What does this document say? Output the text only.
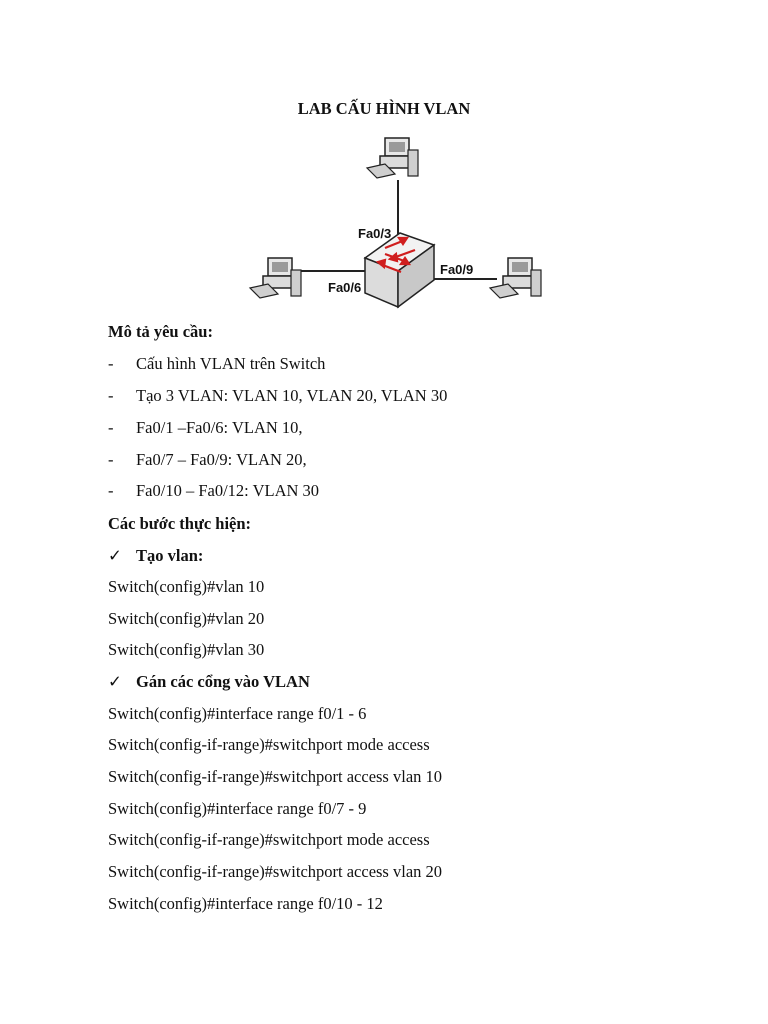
LAB CẤU HÌNH VLAN
Fa0/3
Fa0/6
Fa0/9
Mô tả yêu cầu:
- Cấu hình VLAN trên Switch
- Tạo 3 VLAN: VLAN 10, VLAN 20, VLAN 30
- Fa0/1 –Fa0/6: VLAN 10,
- Fa0/7 – Fa0/9: VLAN 20,
- Fa0/10 – Fa0/12: VLAN 30
Các bước thực hiện:
✓ Tạo vlan:
Switch(config)#vlan 10
Switch(config)#vlan 20
Switch(config)#vlan 30
✓ Gán các cổng vào VLAN
Switch(config)#interface range f0/1 - 6
Switch(config-if-range)#switchport mode access
Switch(config-if-range)#switchport access vlan 10
Switch(config)#interface range f0/7 - 9
Switch(config-if-range)#switchport mode access
Switch(config-if-range)#switchport access vlan 20
Switch(config)#interface range f0/10 - 12
